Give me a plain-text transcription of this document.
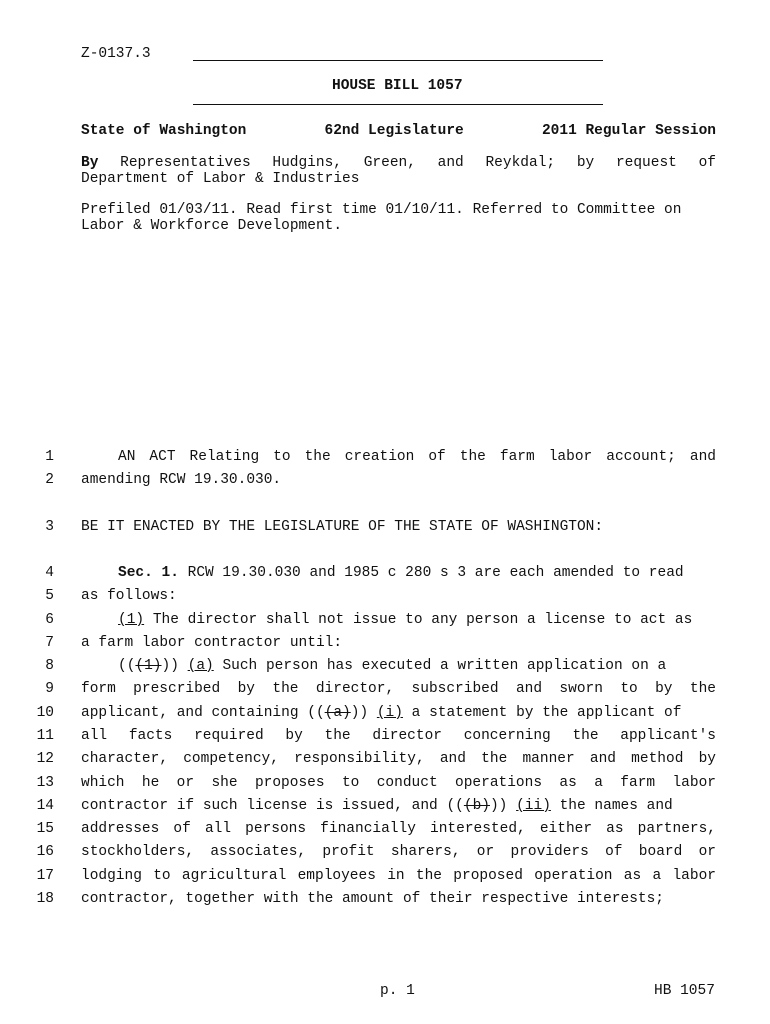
Z-0137.3
HOUSE BILL 1057
State of Washington	62nd Legislature	2011 Regular Session
By Representatives Hudgins, Green, and Reykdal; by request of
Department of Labor & Industries
Prefiled 01/03/11. Read first time 01/10/11. Referred to Committee on
Labor & Workforce Development.
1
2
3
4
5
6
7
8
9
10
11
12
13
14
15
16
17
18
AN ACT Relating to the creation of the farm labor account; and
amending RCW 19.30.030.
BE IT ENACTED BY THE LEGISLATURE OF THE STATE OF WASHINGTON:
Sec. 1. RCW 19.30.030 and 1985 c 280 s 3 are each amended to read
as follows:
(1) The director shall not issue to any person a license to act as
a farm labor contractor until:
(((1))) (a) Such person has executed a written application on a
form prescribed by the director, subscribed and sworn to by the
applicant, and containing (((a))) (i) a statement by the applicant of
all facts required by the director concerning the applicant's
character, competency, responsibility, and the manner and method by
which he or she proposes to conduct operations as a farm labor
contractor if such license is issued, and (((b))) (ii) the names and
addresses of all persons financially interested, either as partners,
stockholders, associates, profit sharers, or providers of board or
lodging to agricultural employees in the proposed operation as a labor
contractor, together with the amount of their respective interests;
p. 1	HB 1057
